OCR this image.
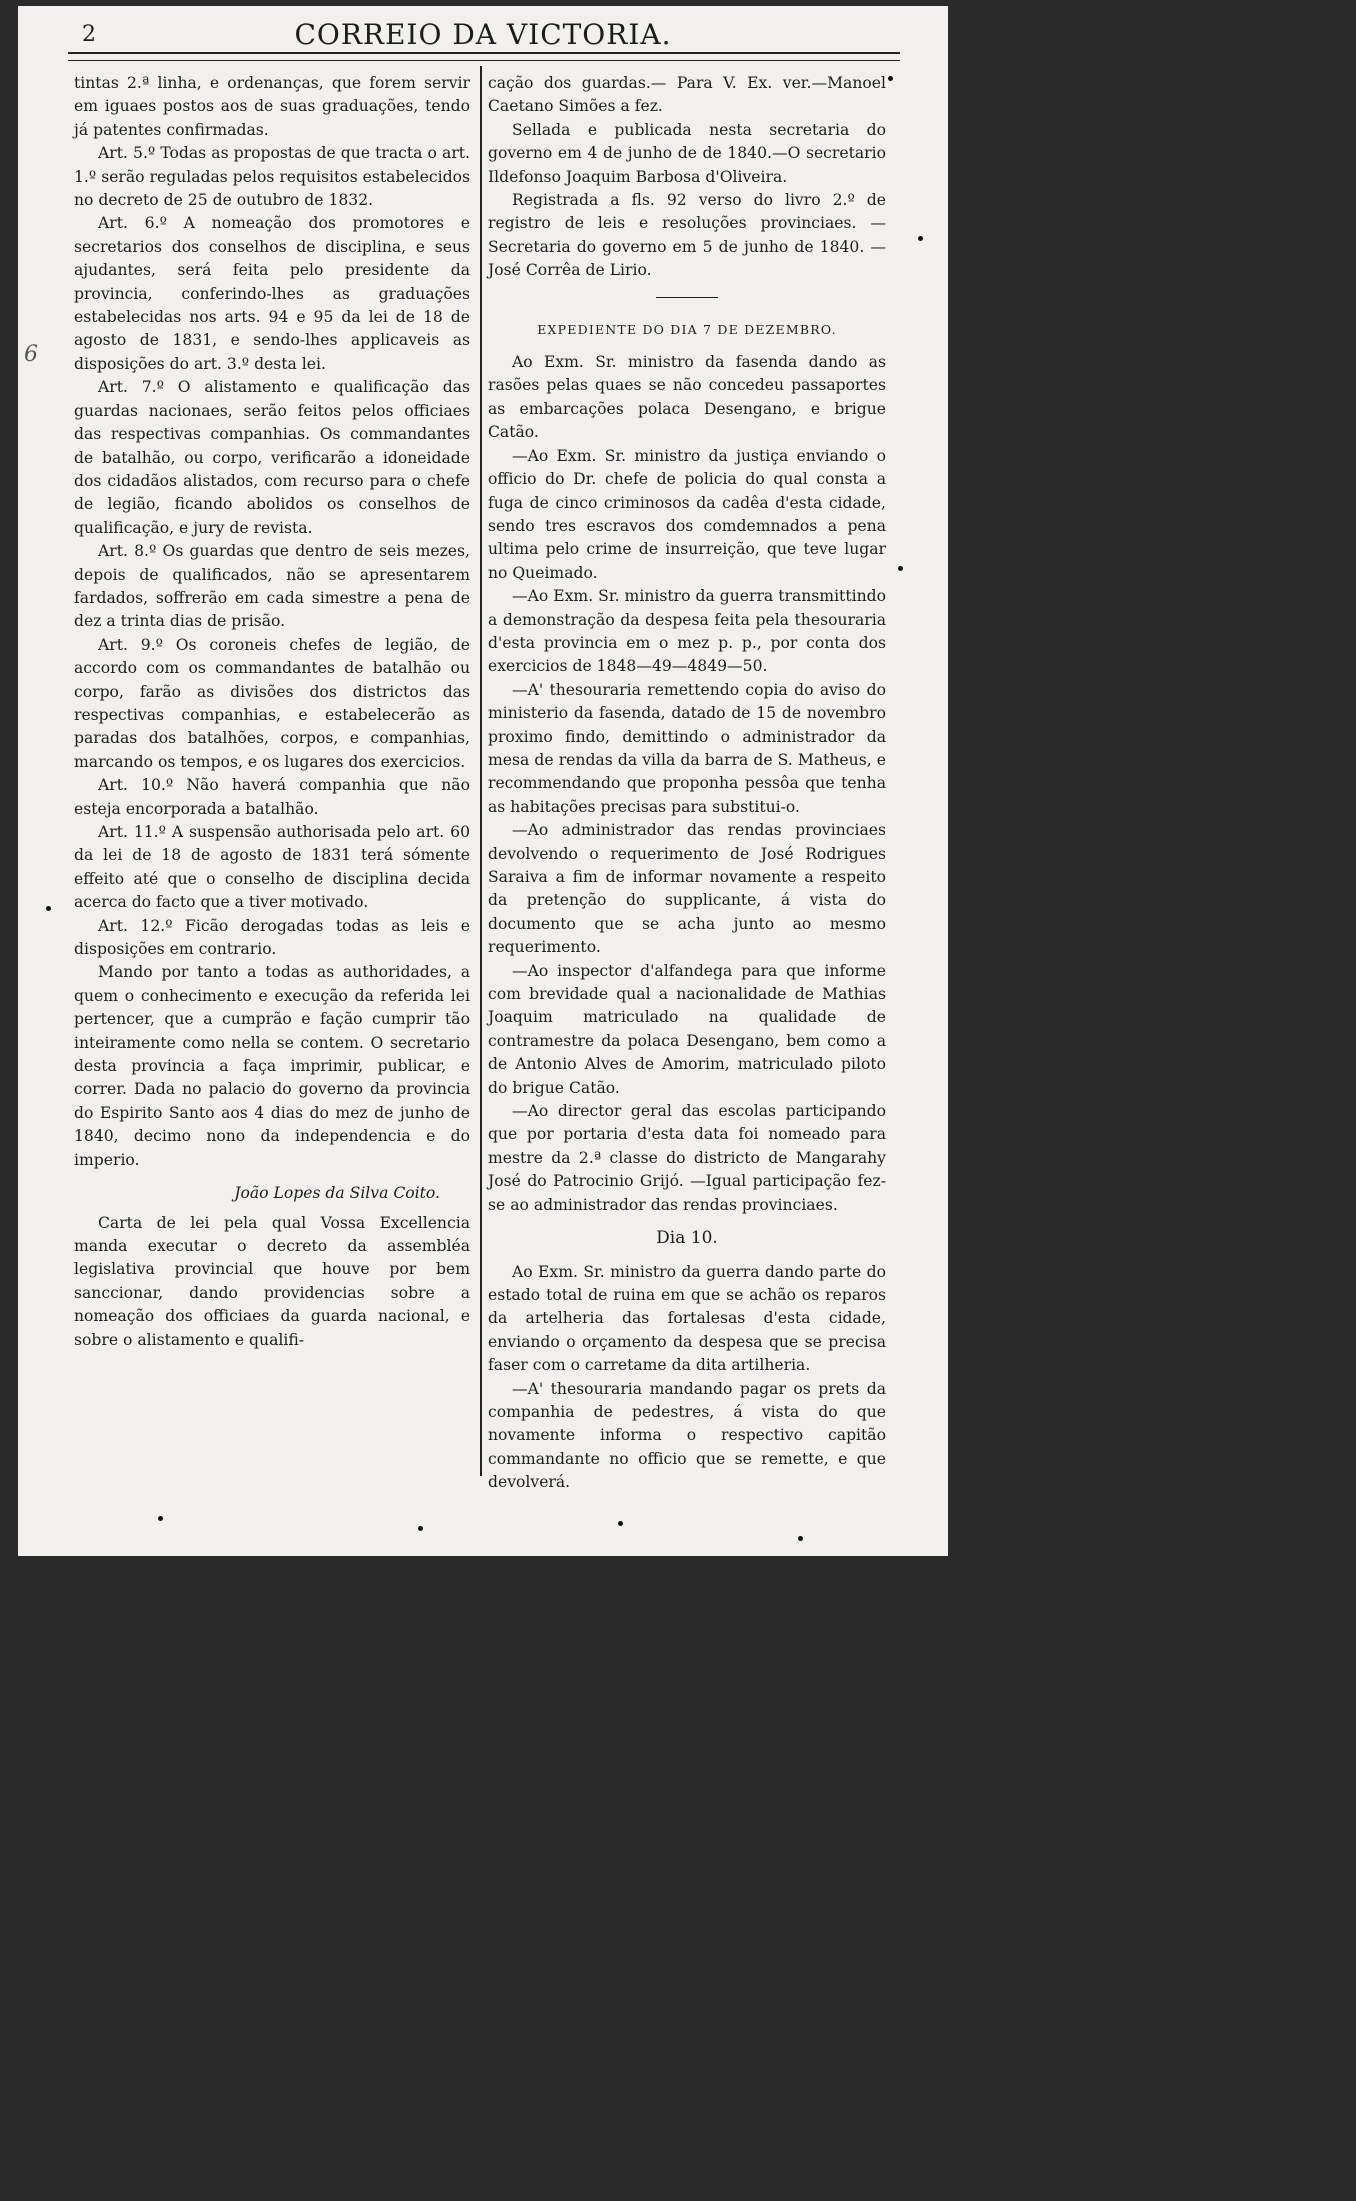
2	CORREIO DA VICTORIA.
6

tintas 2.ª linha, e ordenanças, que forem servir em iguaes postos aos de suas graduações, tendo já patentes confirmadas.

Art. 5.º Todas as propostas de que tracta o art. 1.º serão reguladas pelos requisitos estabelecidos no decreto de 25 de outubro de 1832.

Art. 6.º A nomeação dos promotores e secretarios dos conselhos de disciplina, e seus ajudantes, será feita pelo presidente da provincia, conferindo-lhes as graduações estabelecidas nos arts. 94 e 95 da lei de 18 de agosto de 1831, e sendo-lhes applicaveis as disposições do art. 3.º desta lei.

Art. 7.º O alistamento e qualificação das guardas nacionaes, serão feitos pelos officiaes das respectivas companhias. Os commandantes de batalhão, ou corpo, verificarão a idoneidade dos cidadãos alistados, com recurso para o chefe de legião, ficando abolidos os conselhos de qualificação, e jury de revista.

Art. 8.º Os guardas que dentro de seis mezes, depois de qualificados, não se apresentarem fardados, soffrerão em cada simestre a pena de dez a trinta dias de prisão.

Art. 9.º Os coroneis chefes de legião, de accordo com os commandantes de batalhão ou corpo, farão as divisões dos districtos das respectivas companhias, e estabelecerão as paradas dos batalhões, corpos, e companhias, marcando os tempos, e os lugares dos exercicios.

Art. 10.º Não haverá companhia que não esteja encorporada a batalhão.

Art. 11.º A suspensão authorisada pelo art. 60 da lei de 18 de agosto de 1831 terá sómente effeito até que o conselho de disciplina decida acerca do facto que a tiver motivado.

Art. 12.º Ficão derogadas todas as leis e disposições em contrario.

Mando por tanto a todas as authoridades, a quem o conhecimento e execução da referida lei pertencer, que a cumprão e fação cumprir tão inteiramente como nella se contem. O secretario desta provincia a faça imprimir, publicar, e correr. Dada no palacio do governo da provincia do Espirito Santo aos 4 dias do mez de junho de 1840, decimo nono da independencia e do imperio.

João Lopes da Silva Coito.

Carta de lei pela qual Vossa Excellencia manda executar o decreto da assembléa legislativa provincial que houve por bem sanccionar, dando providencias sobre a nomeação dos officiaes da guarda nacional, e sobre o alistamento e qualifi-

cação dos guardas.— Para V. Ex. ver.—Manoel Caetano Simões a fez.

Sellada e publicada nesta secretaria do governo em 4 de junho de de 1840.—O secretario Ildefonso Joaquim Barbosa d'Oliveira.

Registrada a fls. 92 verso do livro 2.º de registro de leis e resoluções provinciaes. — Secretaria do governo em 5 de junho de 1840. — José Corrêa de Lirio.

EXPEDIENTE DO DIA 7 DE DEZEMBRO.

Ao Exm. Sr. ministro da fasenda dando as rasões pelas quaes se não concedeu passaportes as embarcações polaca Desengano, e brigue Catão.

—Ao Exm. Sr. ministro da justiça enviando o officio do Dr. chefe de policia do qual consta a fuga de cinco criminosos da cadêa d'esta cidade, sendo tres escravos dos comdemnados a pena ultima pelo crime de insurreição, que teve lugar no Queimado.

—Ao Exm. Sr. ministro da guerra transmittindo a demonstração da despesa feita pela thesouraria d'esta provincia em o mez p. p., por conta dos exercicios de 1848—49—4849—50.

—A' thesouraria remettendo copia do aviso do ministerio da fasenda, datado de 15 de novembro proximo findo, demittindo o administrador da mesa de rendas da villa da barra de S. Matheus, e recommendando que proponha pessôa que tenha as habitações precisas para substitui-o.

—Ao administrador das rendas provinciaes devolvendo o requerimento de José Rodrigues Saraiva a fim de informar novamente a respeito da pretenção do supplicante, á vista do documento que se acha junto ao mesmo requerimento.

—Ao inspector d'alfandega para que informe com brevidade qual a nacionalidade de Mathias Joaquim matriculado na qualidade de contramestre da polaca Desengano, bem como a de Antonio Alves de Amorim, matriculado piloto do brigue Catão.

—Ao director geral das escolas participando que por portaria d'esta data foi nomeado para mestre da 2.ª classe do districto de Mangarahy José do Patrocinio Grijó. —Igual participação fez-se ao administrador das rendas provinciaes.

Dia 10.

Ao Exm. Sr. ministro da guerra dando parte do estado total de ruina em que se achão os reparos da artelheria das fortalesas d'esta cidade, enviando o orçamento da despesa que se precisa faser com o carretame da dita artilheria.

—A' thesouraria mandando pagar os prets da companhia de pedestres, á vista do que novamente informa o respectivo capitão commandante no officio que se remette, e que devolverá.
